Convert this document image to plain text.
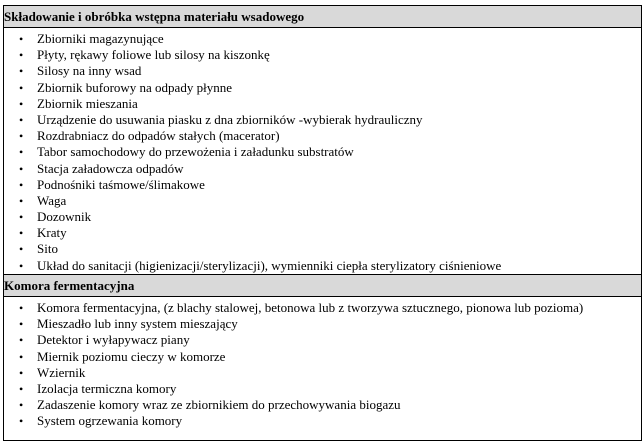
Składowanie i obróbka wstępna materiału wsadowego

• Zbiorniki magazynujące
• Płyty, rękawy foliowe lub silosy na kiszonkę
• Silosy na inny wsad
• Zbiornik buforowy na odpady płynne
• Zbiornik mieszania
• Urządzenie do usuwania piasku z dna zbiorników -wybierak hydrauliczny
• Rozdrabniacz do odpadów stałych (macerator)
• Tabor samochodowy do przewożenia i załadunku substratów
• Stacja załadowcza odpadów
• Podnośniki taśmowe/ślimakowe
• Waga
• Dozownik
• Kraty
• Sito
• Układ do sanitacji (higienizacji/sterylizacji), wymienniki ciepła sterylizatory ciśnieniowe

Komora fermentacyjna

• Komora fermentacyjna, (z blachy stalowej, betonowa lub z tworzywa sztucznego, pionowa lub pozioma)
• Mieszadło lub inny system mieszający
• Detektor i wyłapywacz piany
• Miernik poziomu cieczy w komorze
• Wziernik
• Izolacja termiczna komory
• Zadaszenie komory wraz ze zbiornikiem do przechowywania biogazu
• System ogrzewania komory
